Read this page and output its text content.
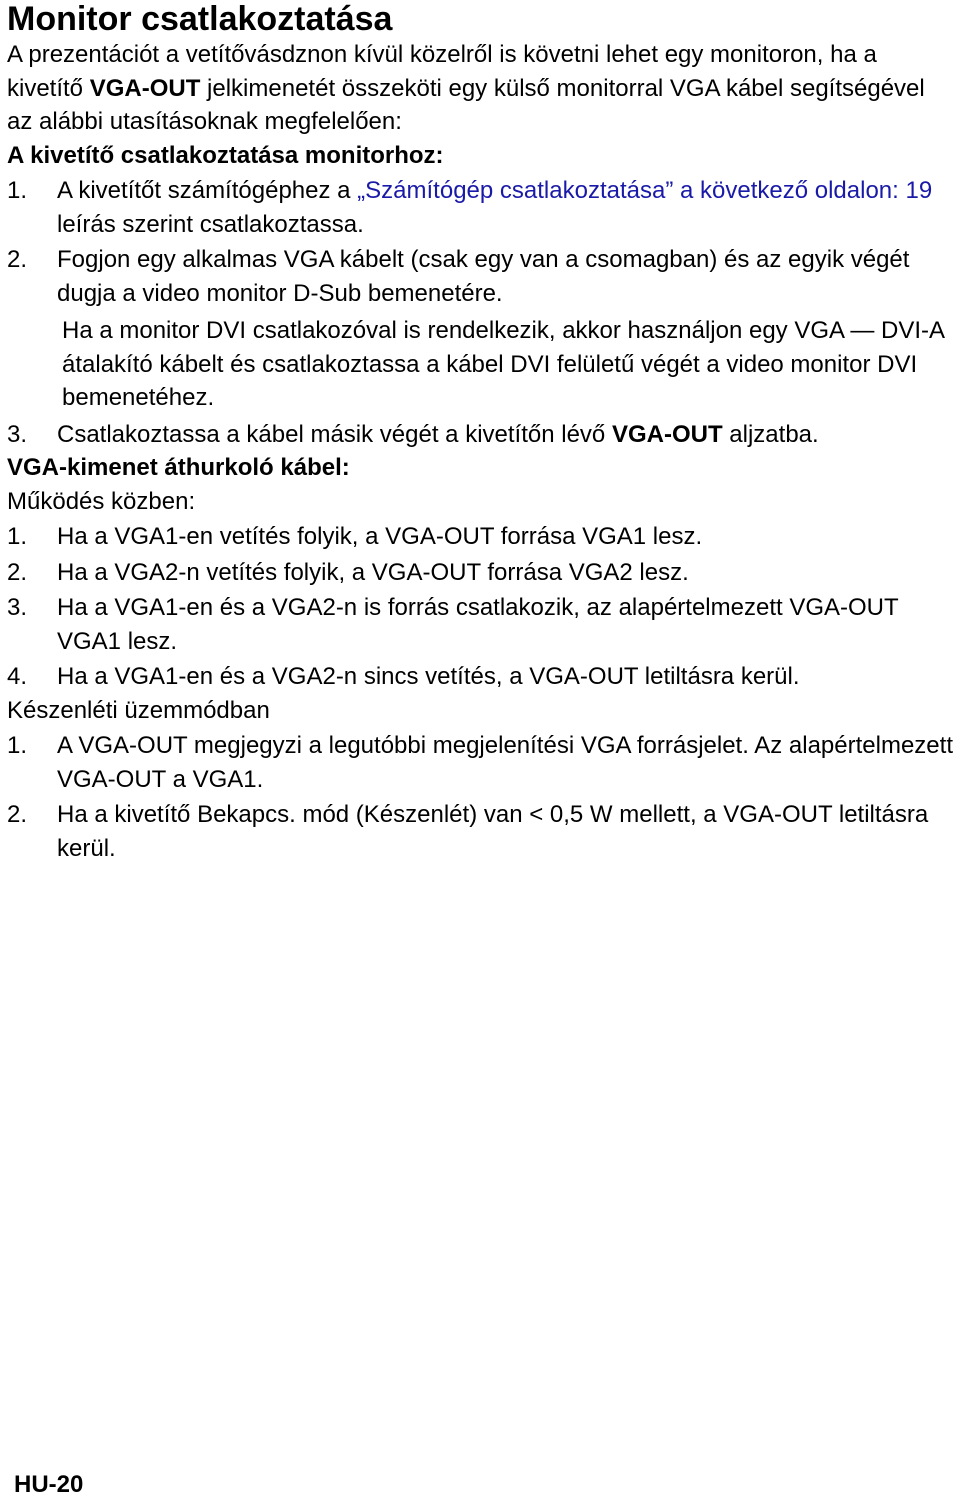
Monitor csatlakoztatása

A prezentációt a vetítővásdznon kívül közelről is követni lehet egy monitoron, ha a kivetítő VGA-OUT jelkimenetét összeköti egy külső monitorral VGA kábel segítségével az alábbi utasításoknak megfelelően:

A kivetítő csatlakoztatása monitorhoz:

1.	A kivetítőt számítógéphez a „Számítógép csatlakoztatása” a következő oldalon: 19 leírás szerint csatlakoztassa.
2.	Fogjon egy alkalmas VGA kábelt (csak egy van a csomagban) és az egyik végét dugja a video monitor D-Sub bemenetére.
Ha a monitor DVI csatlakozóval is rendelkezik, akkor használjon egy VGA — DVI-A átalakító kábelt és csatlakoztassa a kábel DVI felületű végét a video monitor DVI bemenetéhez.
3.	Csatlakoztassa a kábel másik végét a kivetítőn lévő VGA-OUT aljzatba.

VGA-kimenet áthurkoló kábel:

Működés közben:

1.	Ha a VGA1-en vetítés folyik, a VGA-OUT forrása VGA1 lesz.
2.	Ha a VGA2-n vetítés folyik, a VGA-OUT forrása VGA2 lesz.
3.	Ha a VGA1-en és a VGA2-n is forrás csatlakozik, az alapértelmezett VGA-OUT VGA1 lesz.
4.	Ha a VGA1-en és a VGA2-n sincs vetítés, a VGA-OUT letiltásra kerül.

Készenléti üzemmódban

1.	A VGA-OUT megjegyzi a legutóbbi megjelenítési VGA forrásjelet. Az alapértelmezett VGA-OUT a VGA1.
2.	Ha a kivetítő Bekapcs. mód (Készenlét) van < 0,5 W mellett, a VGA-OUT letiltásra kerül.
HU-20
